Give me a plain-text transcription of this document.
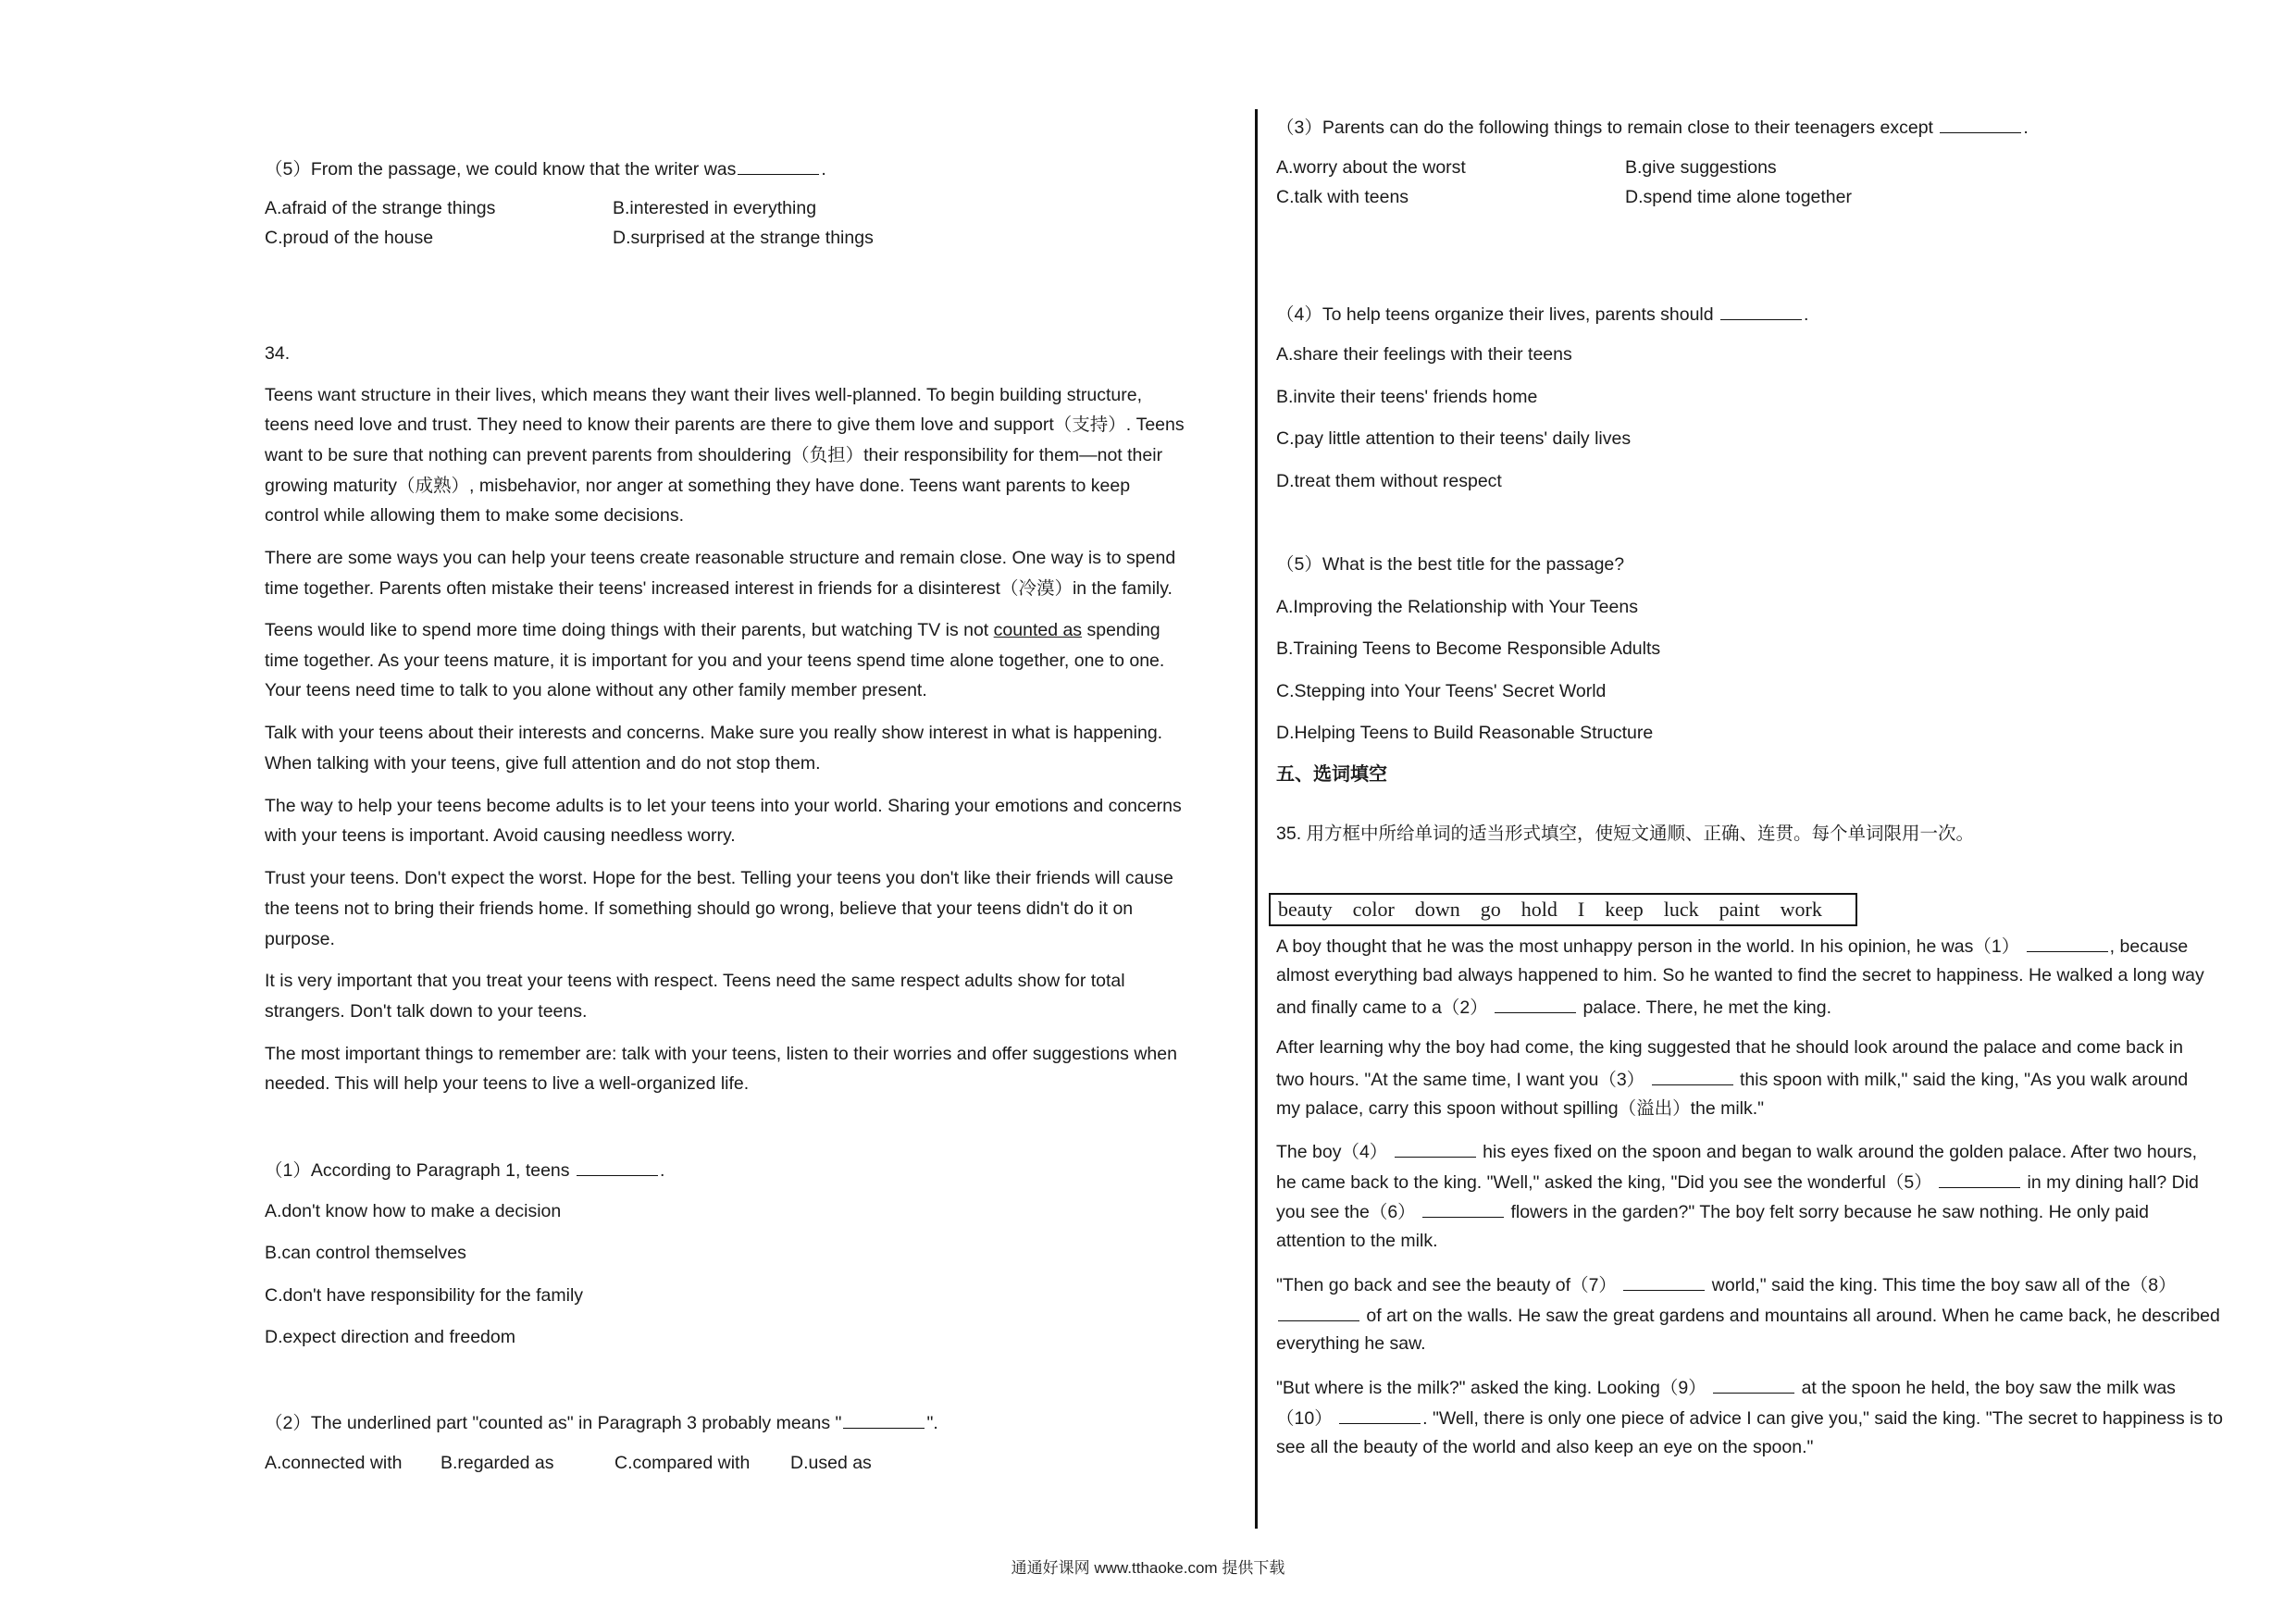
（5）From the passage, we could know that the writer was	.
A.afraid of the strange things	B.interested in everything
C.proud of the house	D.surprised at the strange things
34.
Teens want structure in their lives, which means they want their lives well-planned. To begin building structure,
teens need love and trust. They need to know their parents are there to give them love and support（支持）. Teens
want to be sure that nothing can prevent parents from shouldering（负担）their responsibility for them—not their
growing maturity（成熟）, misbehavior, nor anger at something they have done. Teens want parents to keep
control while allowing them to make some decisions.
There are some ways you can help your teens create reasonable structure and remain close. One way is to spend
time together. Parents often mistake their teens' increased interest in friends for a disinterest（冷漠）in the family.
Teens would like to spend more time doing things with their parents, but watching TV is not counted as spending
time together. As your teens mature, it is important for you and your teens spend time alone together, one to one.
Your teens need time to talk to you alone without any other family member present.
Talk with your teens about their interests and concerns. Make sure you really show interest in what is happening.
When talking with your teens, give full attention and do not stop them.
The way to help your teens become adults is to let your teens into your world. Sharing your emotions and concerns
with your teens is important. Avoid causing needless worry.
Trust your teens. Don't expect the worst. Hope for the best. Telling your teens you don't like their friends will cause
the teens not to bring their friends home. If something should go wrong, believe that your teens didn't do it on
purpose.
It is very important that you treat your teens with respect. Teens need the same respect adults show for total
strangers. Don't talk down to your teens.
The most important things to remember are: talk with your teens, listen to their worries and offer suggestions when
needed. This will help your teens to live a well-organized life.
（1）According to Paragraph 1, teens	.
A.don't know how to make a decision
B.can control themselves
C.don't have responsibility for the family
D.expect direction and freedom
（2）The underlined part "counted as" in Paragraph 3 probably means "	".
A.connected with B.regarded as	C.compared with D.used as
（3）Parents can do the following things to remain close to their teenagers except	.
A.worry about the worst	B.give suggestions
C.talk with teens	D.spend time alone together
（4）To help teens organize their lives, parents should	.
A.share their feelings with their teens
B.invite their teens' friends home
C.pay little attention to their teens' daily lives
D.treat them without respect
（5）What is the best title for the passage?
A.Improving the Relationship with Your Teens
B.Training Teens to Become Responsible Adults
C.Stepping into Your Teens' Secret World
D.Helping Teens to Build Reasonable Structure
五、选词填空
35. 用方框中所给单词的适当形式填空，使短文通顺、正确、连贯。每个单词限用一次。
A boy thought that he was the most unhappy person in the world. In his opinion, he was（1）	, because
almost everything bad always happened to him. So he wanted to find the secret to happiness. He walked a long way
and finally came to a（2）	palace. There, he met the king.
After learning why the boy had come, the king suggested that he should look around the palace and come back in
two hours. "At the same time, I want you（3）	this spoon with milk," said the king, "As you walk around
my palace, carry this spoon without spilling（溢出）the milk."
The boy（4）	his eyes fixed on the spoon and began to walk around the golden palace. After two hours,
he came back to the king. "Well," asked the king, "Did you see the wonderful（5）	in my dining hall? Did
you see the（6）	flowers in the garden?" The boy felt sorry because he saw nothing. He only paid
attention to the milk.
"Then go back and see the beauty of（7）	world," said the king. This time the boy saw all of the（8）
of art on the walls. He saw the great gardens and mountains all around. When he came back, he described
everything he saw.
"But where is the milk?" asked the king. Looking（9）	at the spoon he held, the boy saw the milk was
（10）	. "Well, there is only one piece of advice I can give you," said the king. "The secret to happiness is to
see all the beauty of the world and also keep an eye on the spoon."
beauty color down go hold I keep luck paint work
通通好课网 www.tthaoke.com 提供下载
